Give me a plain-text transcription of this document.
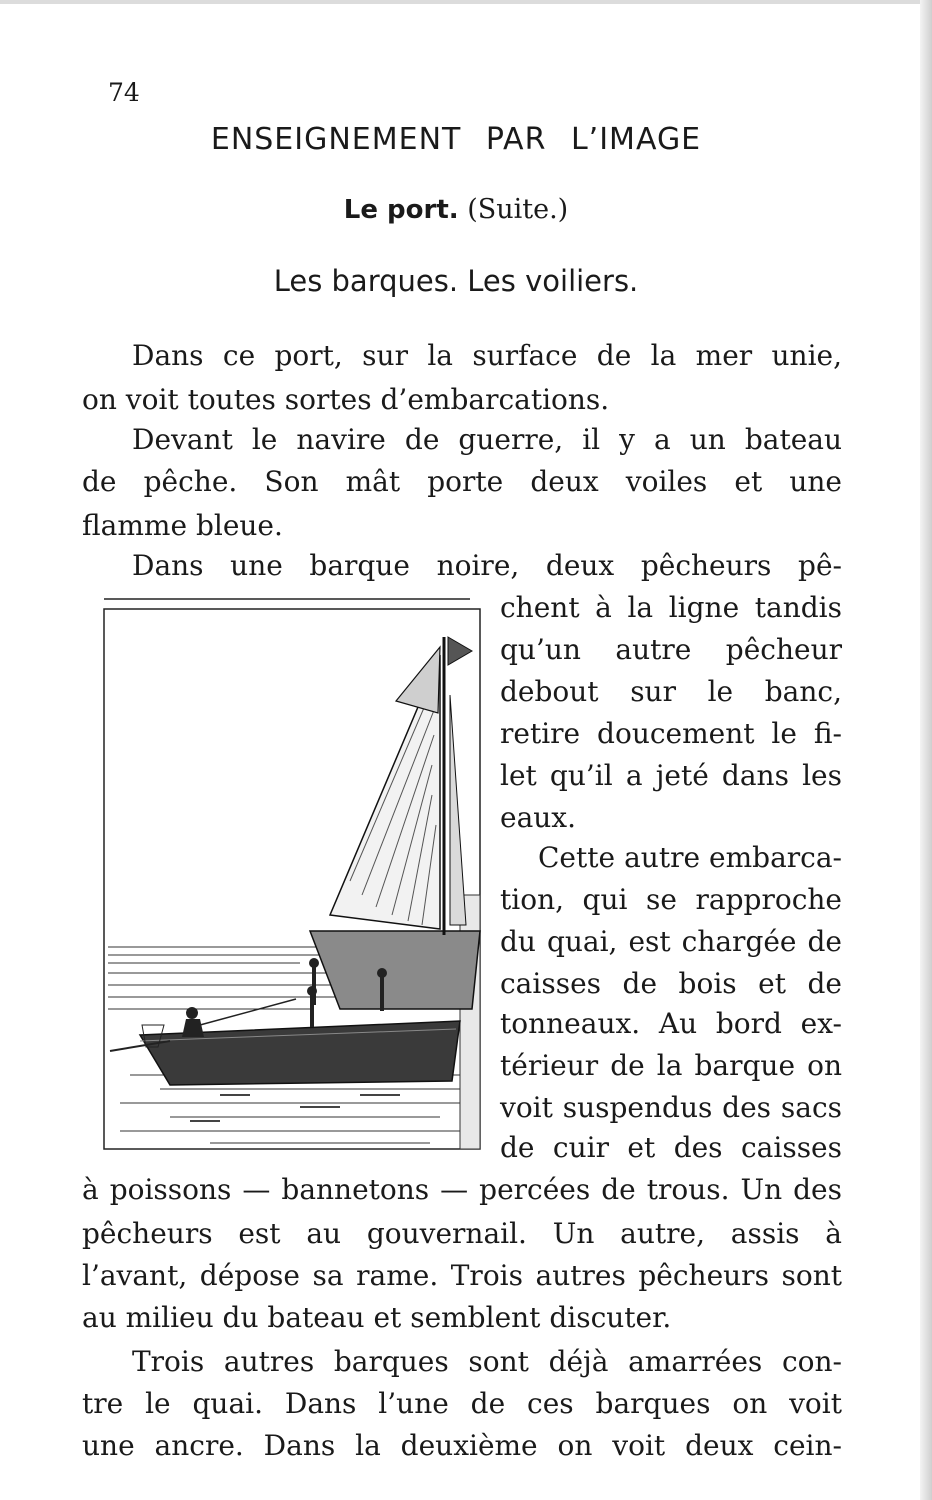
74
ENSEIGNEMENT PAR L’IMAGE
Le port. (Suite.)
Les barques. Les voiliers.
Dans ce port, sur la surface de la mer unie,
on voit toutes sortes d’embarcations.
Devant le navire de guerre, il y a un bateau
de pêche. Son mât porte deux voiles et une
flamme bleue.
Dans une barque noire, deux pêcheurs pê-
chent à la ligne tandis
qu’un autre pêcheur
debout sur le banc,
retire doucement le fi-
let qu’il a jeté dans les
eaux.
Cette autre embarca-
tion, qui se rapproche
du quai, est chargée de
caisses de bois et de
tonneaux. Au bord ex-
térieur de la barque on
voit suspendus des sacs
de cuir et des caisses
à poissons — bannetons — percées de trous. Un des
pêcheurs est au gouvernail. Un autre, assis à
l’avant, dépose sa rame. Trois autres pêcheurs sont
au milieu du bateau et semblent discuter.
Trois autres barques sont déjà amarrées con-
tre le quai. Dans l’une de ces barques on voit
une ancre. Dans la deuxième on voit deux cein-
